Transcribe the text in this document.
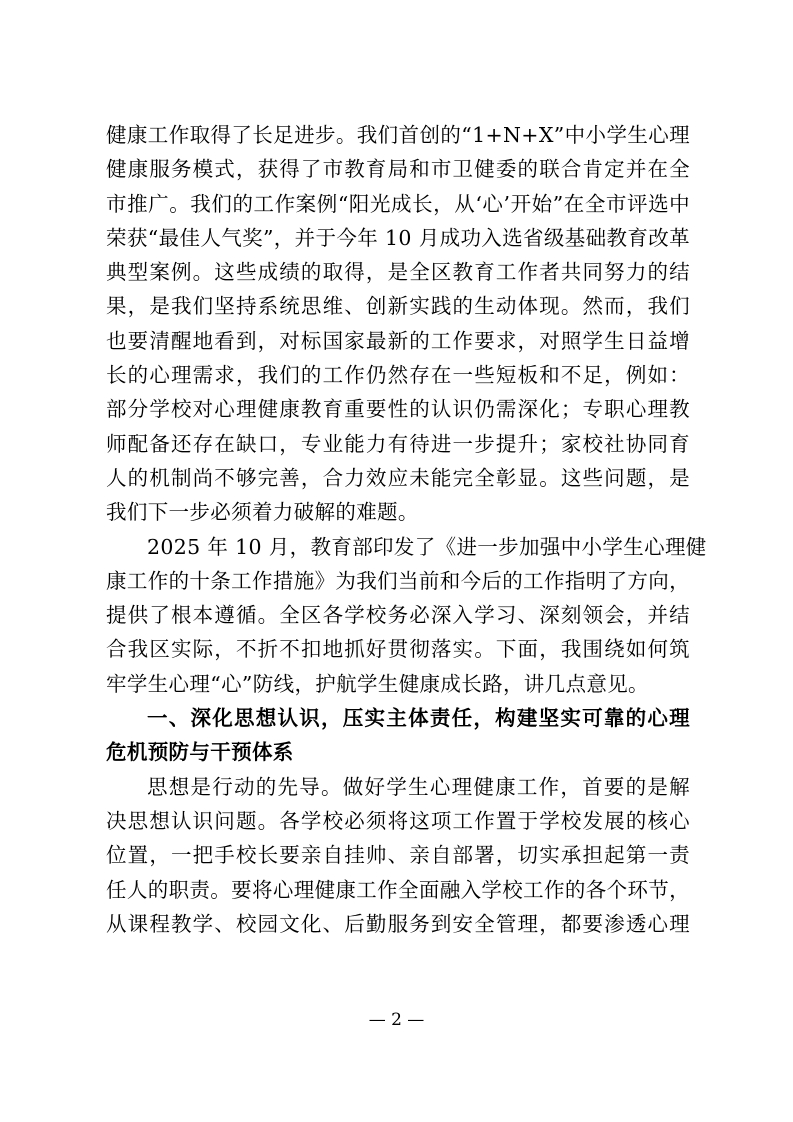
健康工作取得了长足进步。我们首创的“1+N+X”中小学生心理
健康服务模式，获得了市教育局和市卫健委的联合肯定并在全
市推广。我们的工作案例“阳光成长，从‘心’开始”在全市评选中
荣获“最佳人气奖”，并于今年 10 月成功入选省级基础教育改革
典型案例。这些成绩的取得，是全区教育工作者共同努力的结
果，是我们坚持系统思维、创新实践的生动体现。然而，我们
也要清醒地看到，对标国家最新的工作要求，对照学生日益增
长的心理需求，我们的工作仍然存在一些短板和不足，例如：
部分学校对心理健康教育重要性的认识仍需深化；专职心理教
师配备还存在缺口，专业能力有待进一步提升；家校社协同育
人的机制尚不够完善，合力效应未能完全彰显。这些问题，是
我们下一步必须着力破解的难题。
2025 年 10 月，教育部印发了《进一步加强中小学生心理健
康工作的十条工作措施》为我们当前和今后的工作指明了方向，
提供了根本遵循。全区各学校务必深入学习、深刻领会，并结
合我区实际，不折不扣地抓好贯彻落实。下面，我围绕如何筑
牢学生心理“心”防线，护航学生健康成长路，讲几点意见。
一、深化思想认识，压实主体责任，构建坚实可靠的心理
危机预防与干预体系
思想是行动的先导。做好学生心理健康工作，首要的是解
决思想认识问题。各学校必须将这项工作置于学校发展的核心
位置，一把手校长要亲自挂帅、亲自部署，切实承担起第一责
任人的职责。要将心理健康工作全面融入学校工作的各个环节，
从课程教学、校园文化、后勤服务到安全管理，都要渗透心理
— 2 —
